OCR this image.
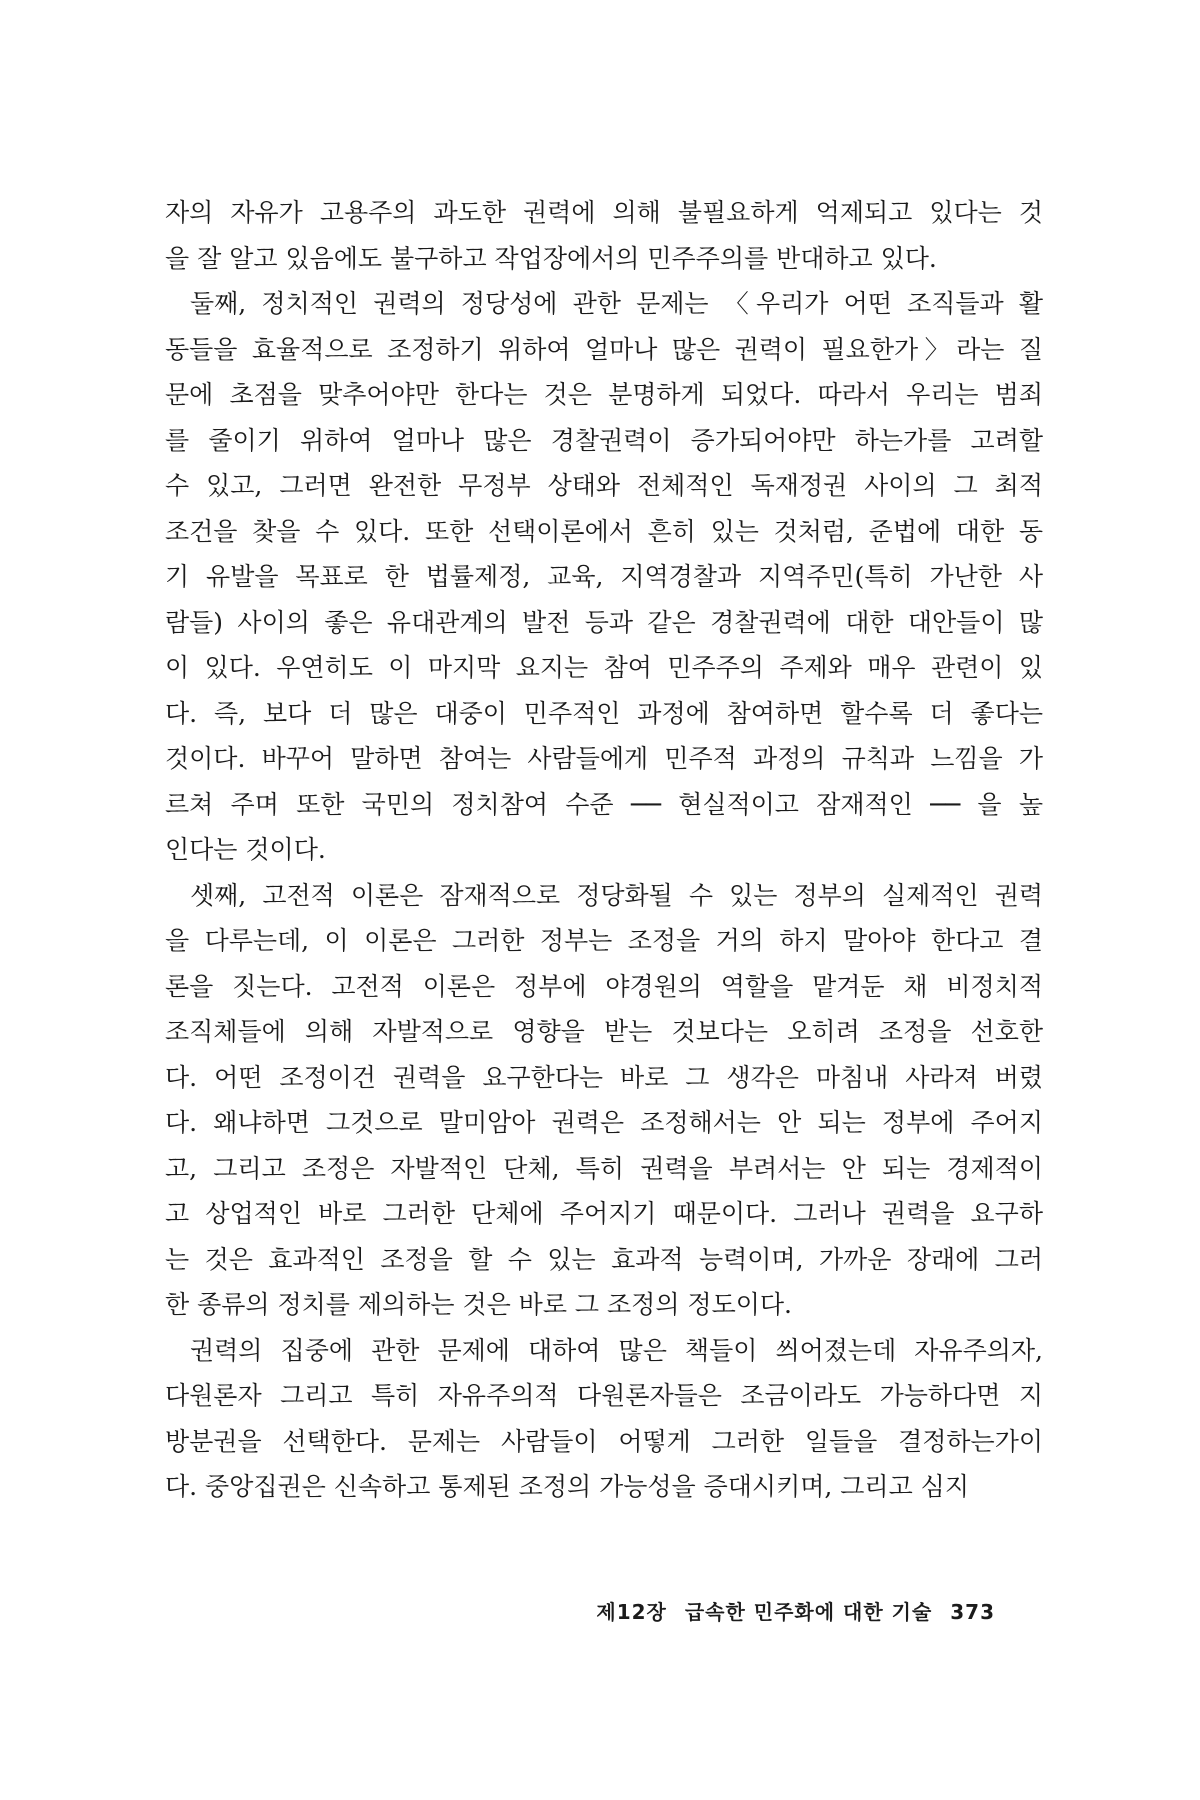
자의 자유가 고용주의 과도한 권력에 의해 불필요하게 억제되고 있다는 것
을 잘 알고 있음에도 불구하고 작업장에서의 민주주의를 반대하고 있다.
둘째, 정치적인 권력의 정당성에 관한 문제는 〈우리가 어떤 조직들과 활
동들을 효율적으로 조정하기 위하여 얼마나 많은 권력이 필요한가〉라는 질
문에 초점을 맞추어야만 한다는 것은 분명하게 되었다. 따라서 우리는 범죄
를 줄이기 위하여 얼마나 많은 경찰권력이 증가되어야만 하는가를 고려할
수 있고, 그러면 완전한 무정부 상태와 전체적인 독재정권 사이의 그 최적
조건을 찾을 수 있다. 또한 선택이론에서 흔히 있는 것처럼, 준법에 대한 동
기 유발을 목표로 한 법률제정, 교육, 지역경찰과 지역주민(특히 가난한 사
람들) 사이의 좋은 유대관계의 발전 등과 같은 경찰권력에 대한 대안들이 많
이 있다. 우연히도 이 마지막 요지는 참여 민주주의 주제와 매우 관련이 있
다. 즉, 보다 더 많은 대중이 민주적인 과정에 참여하면 할수록 더 좋다는
것이다. 바꾸어 말하면 참여는 사람들에게 민주적 과정의 규칙과 느낌을 가
르쳐 주며 또한 국민의 정치참여 수준 ── 현실적이고 잠재적인 ── 을 높
인다는 것이다.
셋째, 고전적 이론은 잠재적으로 정당화될 수 있는 정부의 실제적인 권력
을 다루는데, 이 이론은 그러한 정부는 조정을 거의 하지 말아야 한다고 결
론을 짓는다. 고전적 이론은 정부에 야경원의 역할을 맡겨둔 채 비정치적
조직체들에 의해 자발적으로 영향을 받는 것보다는 오히려 조정을 선호한
다. 어떤 조정이건 권력을 요구한다는 바로 그 생각은 마침내 사라져 버렸
다. 왜냐하면 그것으로 말미암아 권력은 조정해서는 안 되는 정부에 주어지
고, 그리고 조정은 자발적인 단체, 특히 권력을 부려서는 안 되는 경제적이
고 상업적인 바로 그러한 단체에 주어지기 때문이다. 그러나 권력을 요구하
는 것은 효과적인 조정을 할 수 있는 효과적 능력이며, 가까운 장래에 그러
한 종류의 정치를 제의하는 것은 바로 그 조정의 정도이다.
권력의 집중에 관한 문제에 대하여 많은 책들이 씌어졌는데 자유주의자,
다원론자 그리고 특히 자유주의적 다원론자들은 조금이라도 가능하다면 지
방분권을 선택한다. 문제는 사람들이 어떻게 그러한 일들을 결정하는가이
다. 중앙집권은 신속하고 통제된 조정의 가능성을 증대시키며, 그리고 심지
제12장 급속한 민주화에 대한 기술 373
